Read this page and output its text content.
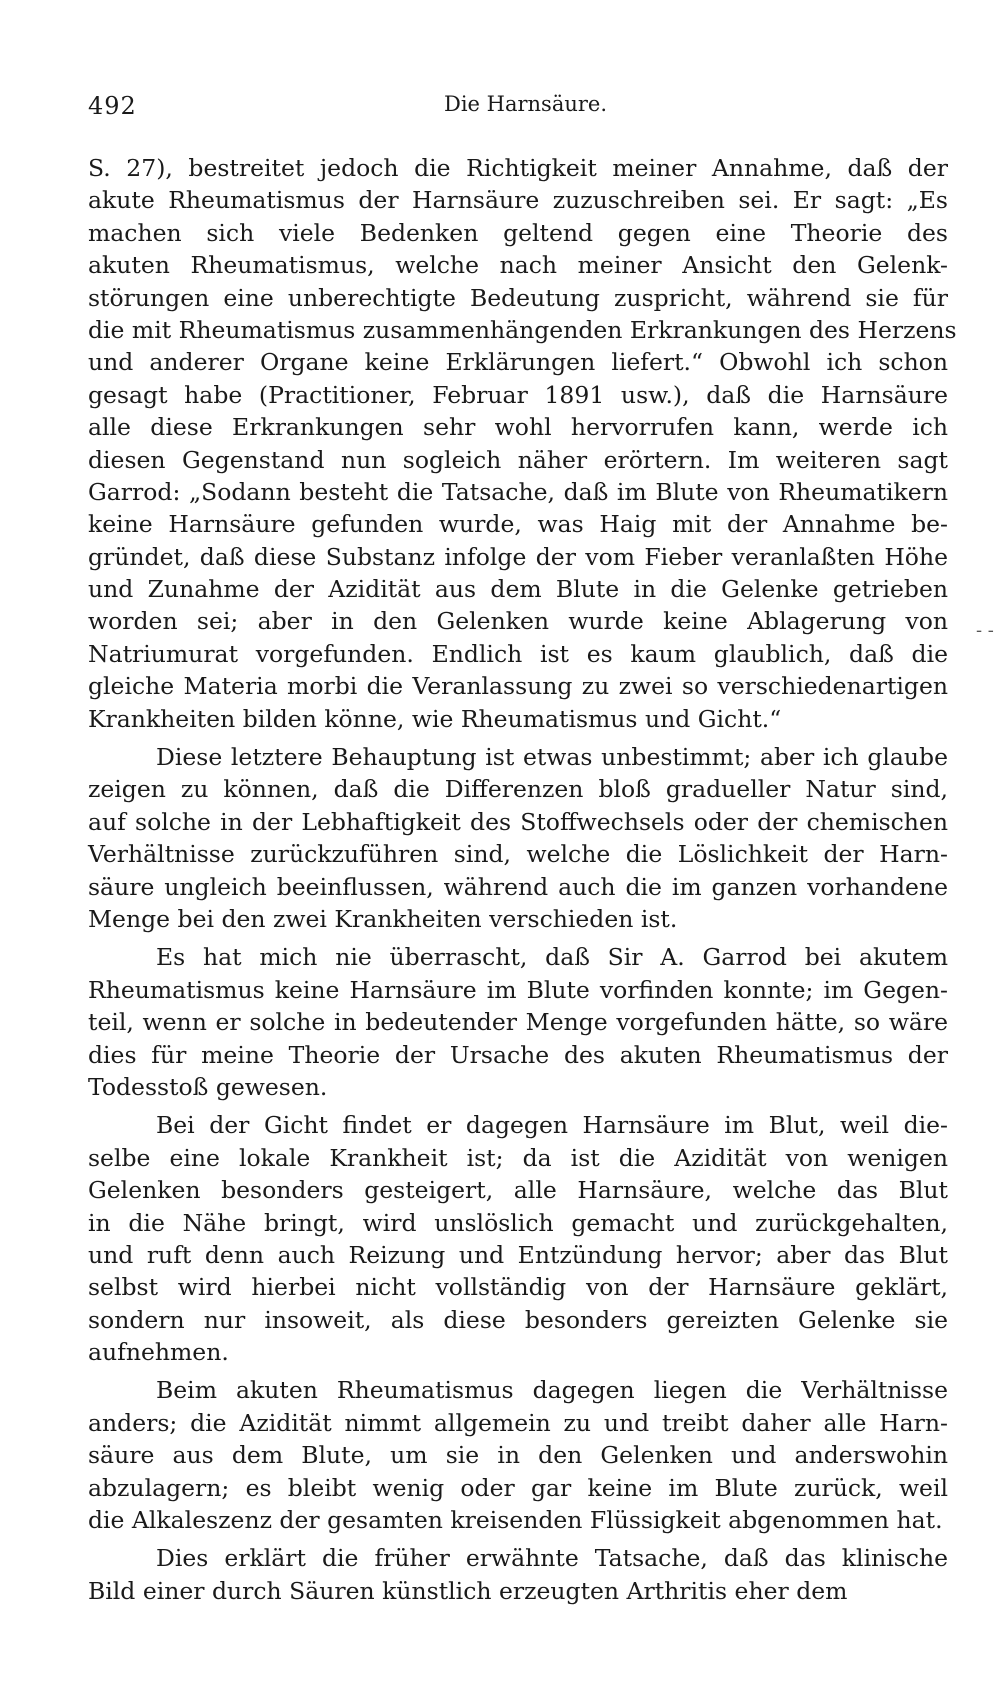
492	Die Harnsäure.
S. 27), bestreitet jedoch die Richtigkeit meiner Annahme, daß der
akute Rheumatismus der Harnsäure zuzuschreiben sei. Er sagt: „Es
machen sich viele Bedenken geltend gegen eine Theorie des
akuten Rheumatismus, welche nach meiner Ansicht den Gelenk-
störungen eine unberechtigte Bedeutung zuspricht, während sie für
die mit Rheumatismus zusammenhängenden Erkrankungen des Herzens
und anderer Organe keine Erklärungen liefert.“ Obwohl ich schon
gesagt habe (Practitioner, Februar 1891 usw.), daß die Harnsäure
alle diese Erkrankungen sehr wohl hervorrufen kann, werde ich
diesen Gegenstand nun sogleich näher erörtern. Im weiteren sagt
Garrod: „Sodann besteht die Tatsache, daß im Blute von Rheumatikern
keine Harnsäure gefunden wurde, was Haig mit der Annahme be-
gründet, daß diese Substanz infolge der vom Fieber veranlaßten Höhe
und Zunahme der Azidität aus dem Blute in die Gelenke getrieben
worden sei; aber in den Gelenken wurde keine Ablagerung von
Natriumurat vorgefunden. Endlich ist es kaum glaublich, daß die
gleiche Materia morbi die Veranlassung zu zwei so verschiedenartigen
Krankheiten bilden könne, wie Rheumatismus und Gicht.“
Diese letztere Behauptung ist etwas unbestimmt; aber ich glaube
zeigen zu können, daß die Differenzen bloß gradueller Natur sind,
auf solche in der Lebhaftigkeit des Stoffwechsels oder der chemischen
Verhältnisse zurückzuführen sind, welche die Löslichkeit der Harn-
säure ungleich beeinflussen, während auch die im ganzen vorhandene
Menge bei den zwei Krankheiten verschieden ist.
Es hat mich nie überrascht, daß Sir A. Garrod bei akutem
Rheumatismus keine Harnsäure im Blute vorfinden konnte; im Gegen-
teil, wenn er solche in bedeutender Menge vorgefunden hätte, so wäre
dies für meine Theorie der Ursache des akuten Rheumatismus der
Todesstoß gewesen.
Bei der Gicht findet er dagegen Harnsäure im Blut, weil die-
selbe eine lokale Krankheit ist; da ist die Azidität von wenigen
Gelenken besonders gesteigert, alle Harnsäure, welche das Blut
in die Nähe bringt, wird unslöslich gemacht und zurückgehalten,
und ruft denn auch Reizung und Entzündung hervor; aber das Blut
selbst wird hierbei nicht vollständig von der Harnsäure geklärt,
sondern nur insoweit, als diese besonders gereizten Gelenke sie
aufnehmen.
Beim akuten Rheumatismus dagegen liegen die Verhältnisse
anders; die Azidität nimmt allgemein zu und treibt daher alle Harn-
säure aus dem Blute, um sie in den Gelenken und anderswohin
abzulagern; es bleibt wenig oder gar keine im Blute zurück, weil
die Alkaleszenz der gesamten kreisenden Flüssigkeit abgenommen hat.
Dies erklärt die früher erwähnte Tatsache, daß das klinische
Bild einer durch Säuren künstlich erzeugten Arthritis eher dem
- -
